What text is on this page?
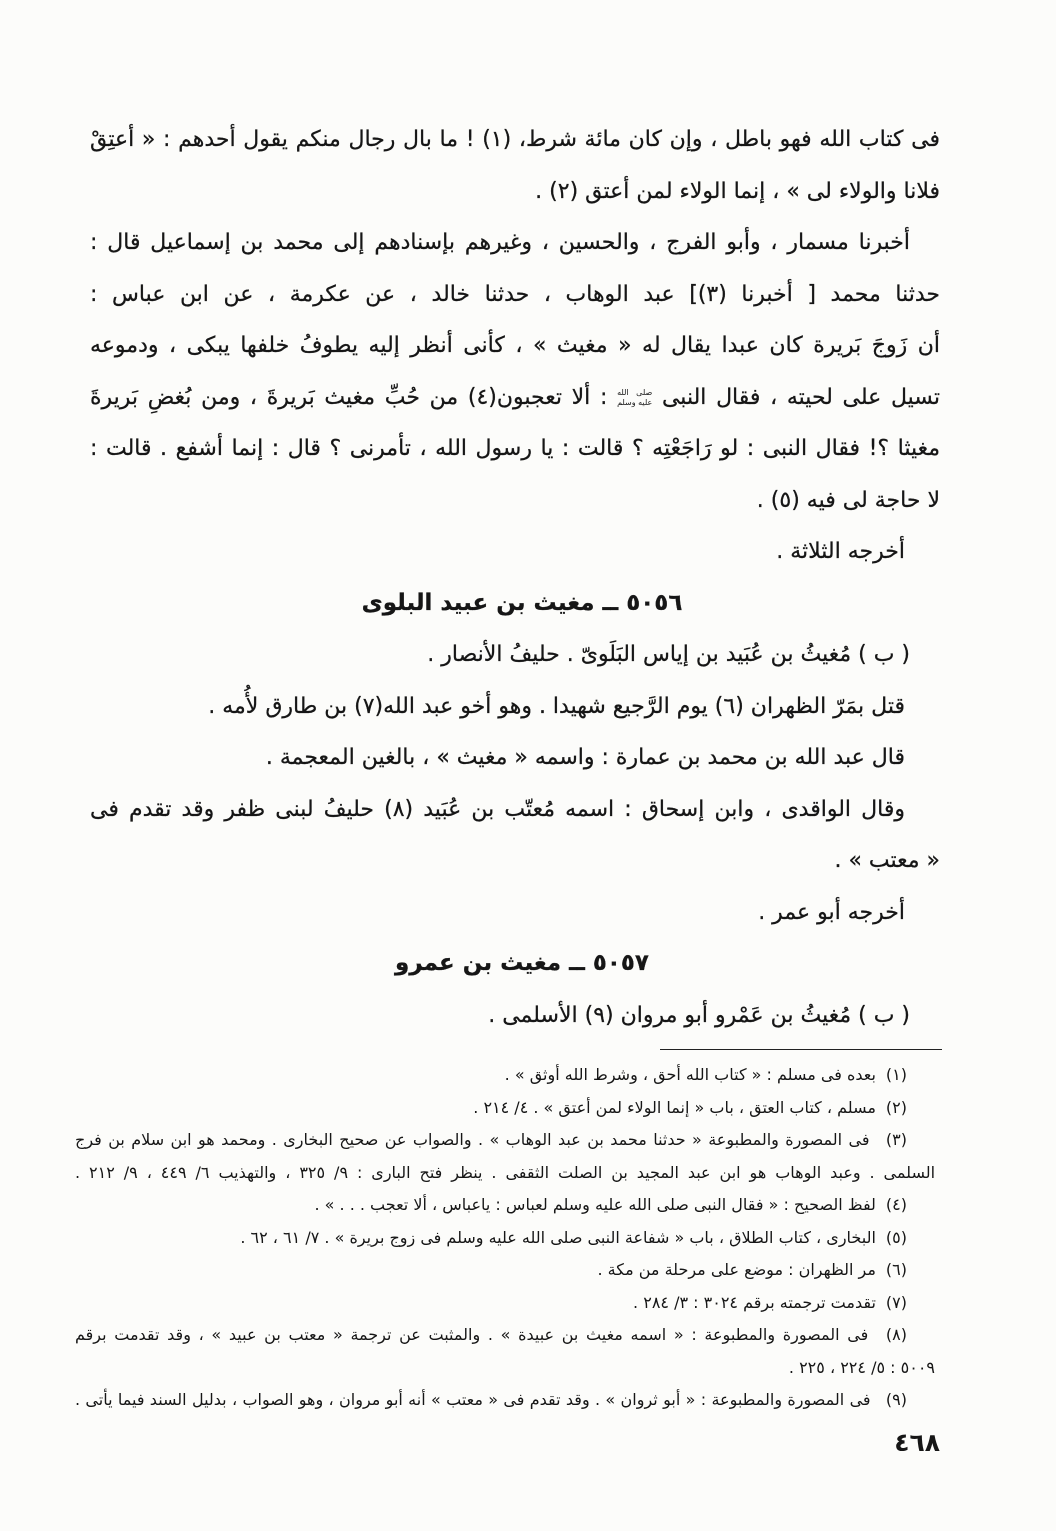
فى كتاب الله فهو باطل ، وإن كان مائة شرط، (١) ! ما بال رجال منكم يقول أحدهم : « أعتِقْ
فلانا والولاء لى » ، إنما الولاء لمن أعتق (٢) .
أخبرنا مسمار ، وأبو الفرج ، والحسين ، وغيرهم بإسنادهم إلى محمد بن إسماعيل قال :
حدثنا محمد [ أخبرنا (٣)] عبد الوهاب ، حدثنا خالد ، عن عكرمة ، عن ابن عباس :
أن زَوجَ بَريرة كان عبدا يقال له « مغيث » ، كأنى أنظر إليه يطوفُ خلفها يبكى ، ودموعه
تسيل على لحيته ، فقال النبى
صلى الله
عليه وسلم
: ألا تعجبون(٤) من حُبِّ مغيث بَريرةَ ، ومن بُغضِ بَريرةَ
مغيثا ؟! فقال النبى : لو رَاجَعْتِه ؟ قالت : يا رسول الله ، تأمرنى ؟ قال : إنما أشفع . قالت :
لا حاجة لى فيه (٥) .
أخرجه الثلاثة .
٥٠٥٦ ــ مغيث بن عبيد البلوى
( ب ) مُغيثُ بن عُبَيد بن إياس البَلَوىّ . حليفُ الأنصار .
قتل بمَرّ الظهران (٦) يوم الرَّجيع شهيدا . وهو أخو عبد الله(٧) بن طارق لأُمه .
قال عبد الله بن محمد بن عمارة : واسمه « مغيث » ، بالغين المعجمة .
وقال الواقدى ، وابن إسحاق : اسمه مُعتّب بن عُبَيد (٨) حليفُ لبنى ظفر وقد تقدم فى
« معتب » .
أخرجه أبو عمر .
٥٠٥٧ ــ مغيث بن عمرو
( ب ) مُغيثُ بن عَمْرو أبو مروان (٩) الأسلمى .
(١)بعده فى مسلم : « كتاب الله أحق ، وشرط الله أوثق » .
(٢)مسلم ، كتاب العتق ، باب « إنما الولاء لمن أعتق » . ٤/ ٢١٤ .
(٣) فى المصورة والمطبوعة « حدثنا محمد بن عبد الوهاب » . والصواب عن صحيح البخارى . ومحمد هو ابن سلام بن فرج
السلمى . وعبد الوهاب هو ابن عبد المجيد بن الصلت الثقفى . ينظر فتح البارى : ٩/ ٣٢٥ ، والتهذيب ٦/ ٤٤٩ ، ٩/ ٢١٢ .
(٤)لفظ الصحيح : « فقال النبى صلى الله عليه وسلم لعباس : ياعباس ، ألا تعجب . . . » .
(٥)البخارى ، كتاب الطلاق ، باب « شفاعة النبى صلى الله عليه وسلم فى زوج بريرة » . ٧/ ٦١ ، ٦٢ .
(٦)مر الظهران : موضع على مرحلة من مكة .
(٧)تقدمت ترجمته برقم ٣٠٢٤ : ٣/ ٢٨٤ .
(٨) فى المصورة والمطبوعة : « اسمه مغيث بن عبيدة » . والمثبت عن ترجمة « معتب بن عبيد » ، وقد تقدمت برقم
٥٠٠٩ : ٥/ ٢٢٤ ، ٢٢٥ .
(٩) فى المصورة والمطبوعة : « أبو ثروان » . وقد تقدم فى « معتب » أنه أبو مروان ، وهو الصواب ، بدليل السند فيما يأتى .
٤٦٨
